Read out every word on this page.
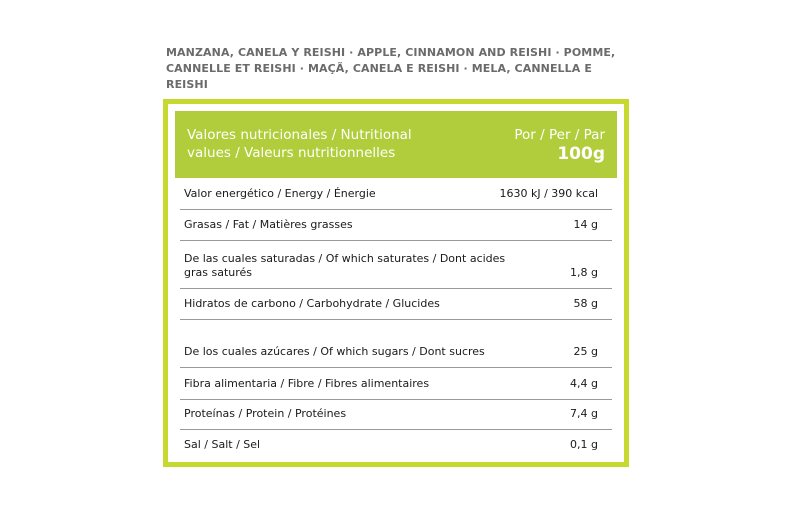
MANZANA, CANELA Y REISHI · APPLE, CINNAMON AND REISHI · POMME, CANNELLE ET REISHI · MAÇÃ, CANELA E REISHI · MELA, CANNELLA E REISHI
Valores nutricionales / Nutritional values / Valeurs nutritionnelles
Por / Per / Par
100g
Valor energético / Energy / Énergie	1630 kJ / 390 kcal
Grasas / Fat / Matières grasses	14 g
De las cuales saturadas / Of which saturates / Dont acides gras saturés	1,8 g
Hidratos de carbono / Carbohydrate / Glucides	58 g
De los cuales azúcares / Of which sugars / Dont sucres	25 g
Fibra alimentaria / Fibre / Fibres alimentaires	4,4 g
Proteínas / Protein / Protéines	7,4 g
Sal / Salt / Sel	0,1 g
